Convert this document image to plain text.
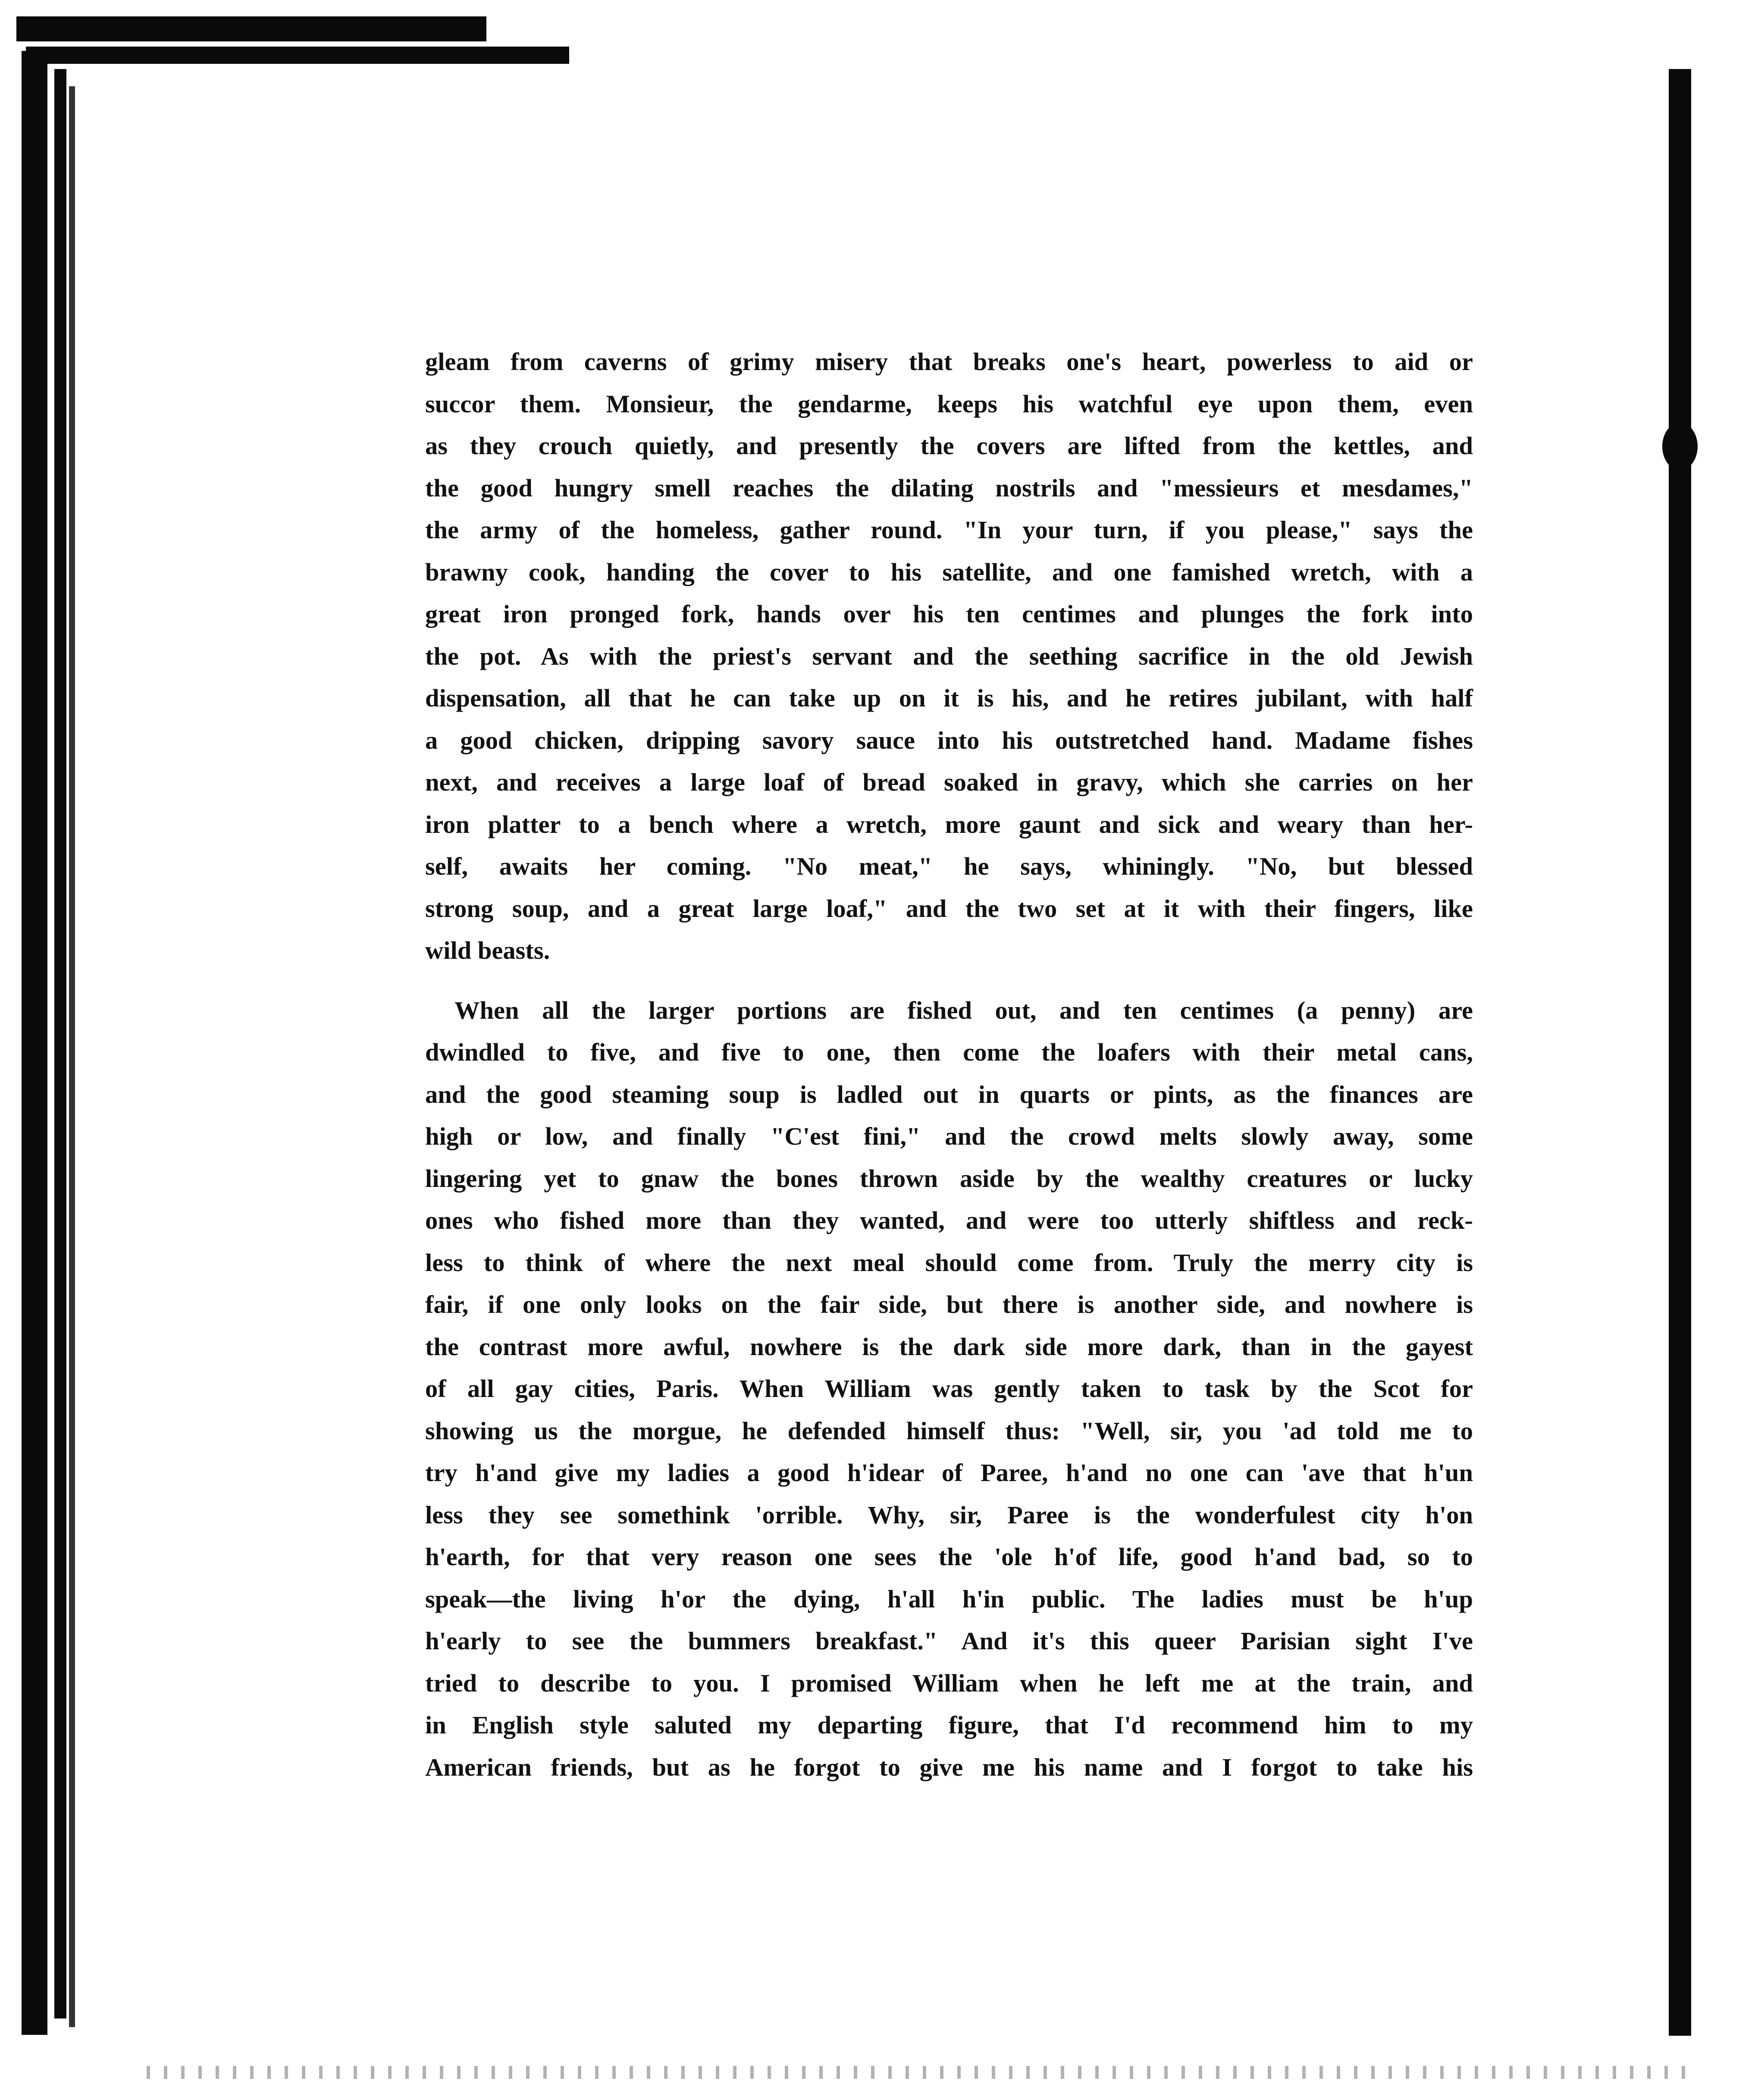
gleam from caverns of grimy misery that breaks one's heart, powerless to aid or
succor them. Monsieur, the gendarme, keeps his watchful eye upon them, even
as they crouch quietly, and presently the covers are lifted from the kettles, and
the good hungry smell reaches the dilating nostrils and "messieurs et mesdames,"
the army of the homeless, gather round. "In your turn, if you please," says the
brawny cook, handing the cover to his satellite, and one famished wretch, with a
great iron pronged fork, hands over his ten centimes and plunges the fork into
the pot. As with the priest's servant and the seething sacrifice in the old Jewish
dispensation, all that he can take up on it is his, and he retires jubilant, with half
a good chicken, dripping savory sauce into his outstretched hand. Madame fishes
next, and receives a large loaf of bread soaked in gravy, which she carries on her
iron platter to a bench where a wretch, more gaunt and sick and weary than her-
self, awaits her coming. "No meat," he says, whiningly. "No, but blessed
strong soup, and a great large loaf," and the two set at it with their fingers, like
wild beasts.
When all the larger portions are fished out, and ten centimes (a penny) are
dwindled to five, and five to one, then come the loafers with their metal cans,
and the good steaming soup is ladled out in quarts or pints, as the finances are
high or low, and finally "C'est fini," and the crowd melts slowly away, some
lingering yet to gnaw the bones thrown aside by the wealthy creatures or lucky
ones who fished more than they wanted, and were too utterly shiftless and reck-
less to think of where the next meal should come from. Truly the merry city is
fair, if one only looks on the fair side, but there is another side, and nowhere is
the contrast more awful, nowhere is the dark side more dark, than in the gayest
of all gay cities, Paris. When William was gently taken to task by the Scot for
showing us the morgue, he defended himself thus: "Well, sir, you 'ad told me to
try h'and give my ladies a good h'idear of Paree, h'and no one can 'ave that h'un
less they see somethink 'orrible. Why, sir, Paree is the wonderfulest city h'on
h'earth, for that very reason one sees the 'ole h'of life, good h'and bad, so to
speak—the living h'or the dying, h'all h'in public. The ladies must be h'up
h'early to see the bummers breakfast." And it's this queer Parisian sight I've
tried to describe to you. I promised William when he left me at the train, and
in English style saluted my departing figure, that I'd recommend him to my
American friends, but as he forgot to give me his name and I forgot to take his
